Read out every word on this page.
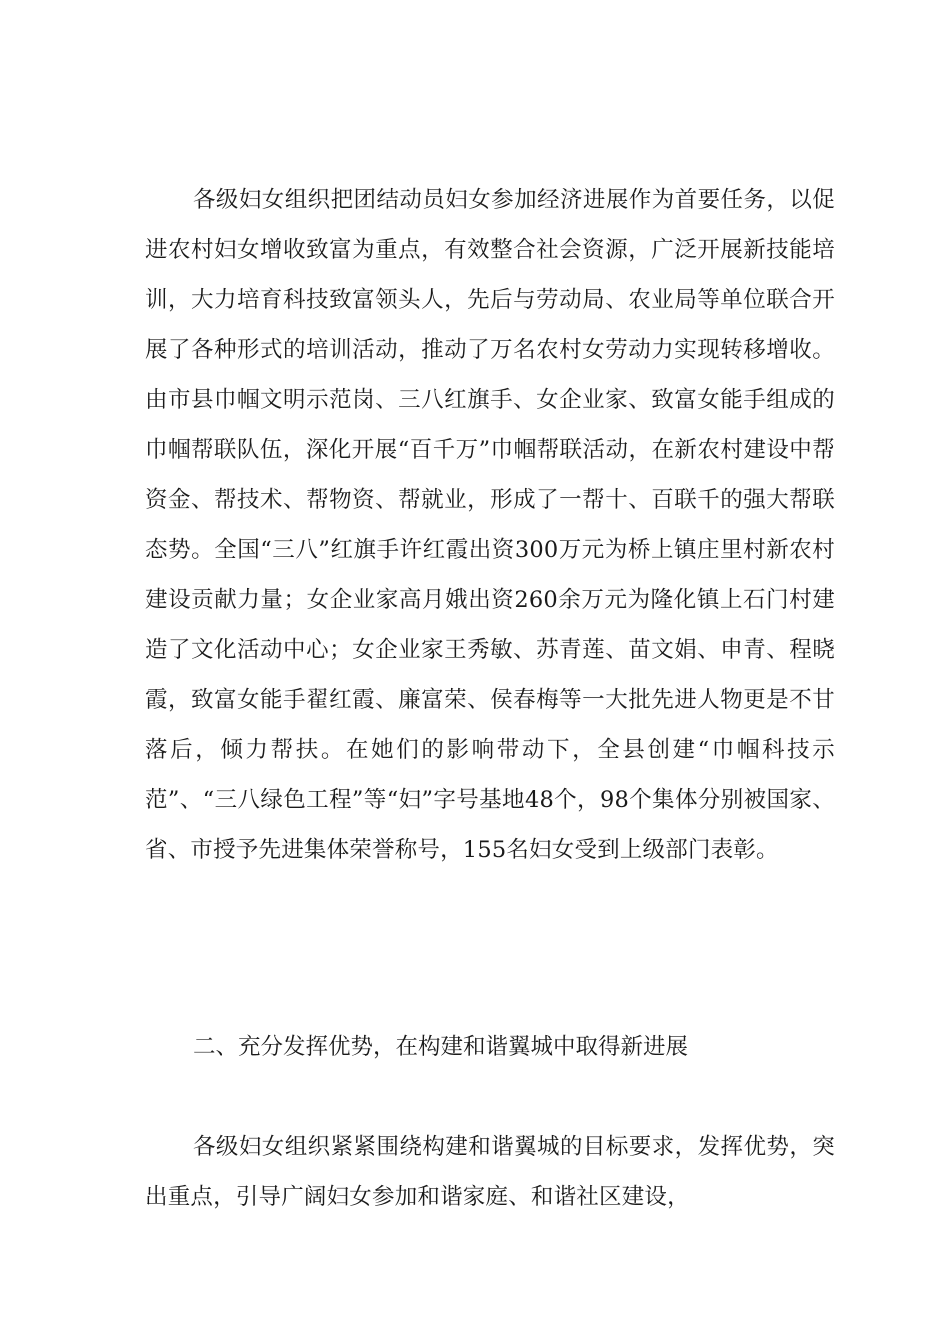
各级妇女组织把团结动员妇女参加经济进展作为首要任务，以促进农村妇女增收致富为重点，有效整合社会资源，广泛开展新技能培训，大力培育科技致富领头人，先后与劳动局、农业局等单位联合开展了各种形式的培训活动，推动了万名农村女劳动力实现转移增收。由市县巾帼文明示范岗、三八红旗手、女企业家、致富女能手组成的巾帼帮联队伍，深化开展“百千万”巾帼帮联活动，在新农村建设中帮资金、帮技术、帮物资、帮就业，形成了一帮十、百联千的强大帮联态势。全国“三八”红旗手许红霞出资300万元为桥上镇庄里村新农村建设贡献力量；女企业家高月娥出资260余万元为隆化镇上石门村建造了文化活动中心；女企业家王秀敏、苏青莲、苗文娟、申青、程晓霞，致富女能手翟红霞、廉富荣、侯春梅等一大批先进人物更是不甘落后，倾力帮扶。在她们的影响带动下，全县创建“巾帼科技示范”、“三八绿色工程”等“妇”字号基地48个，98个集体分别被国家、省、市授予先进集体荣誉称号，155名妇女受到上级部门表彰。

二、充分发挥优势，在构建和谐翼城中取得新进展

各级妇女组织紧紧围绕构建和谐翼城的目标要求，发挥优势，突出重点，引导广阔妇女参加和谐家庭、和谐社区建设，
